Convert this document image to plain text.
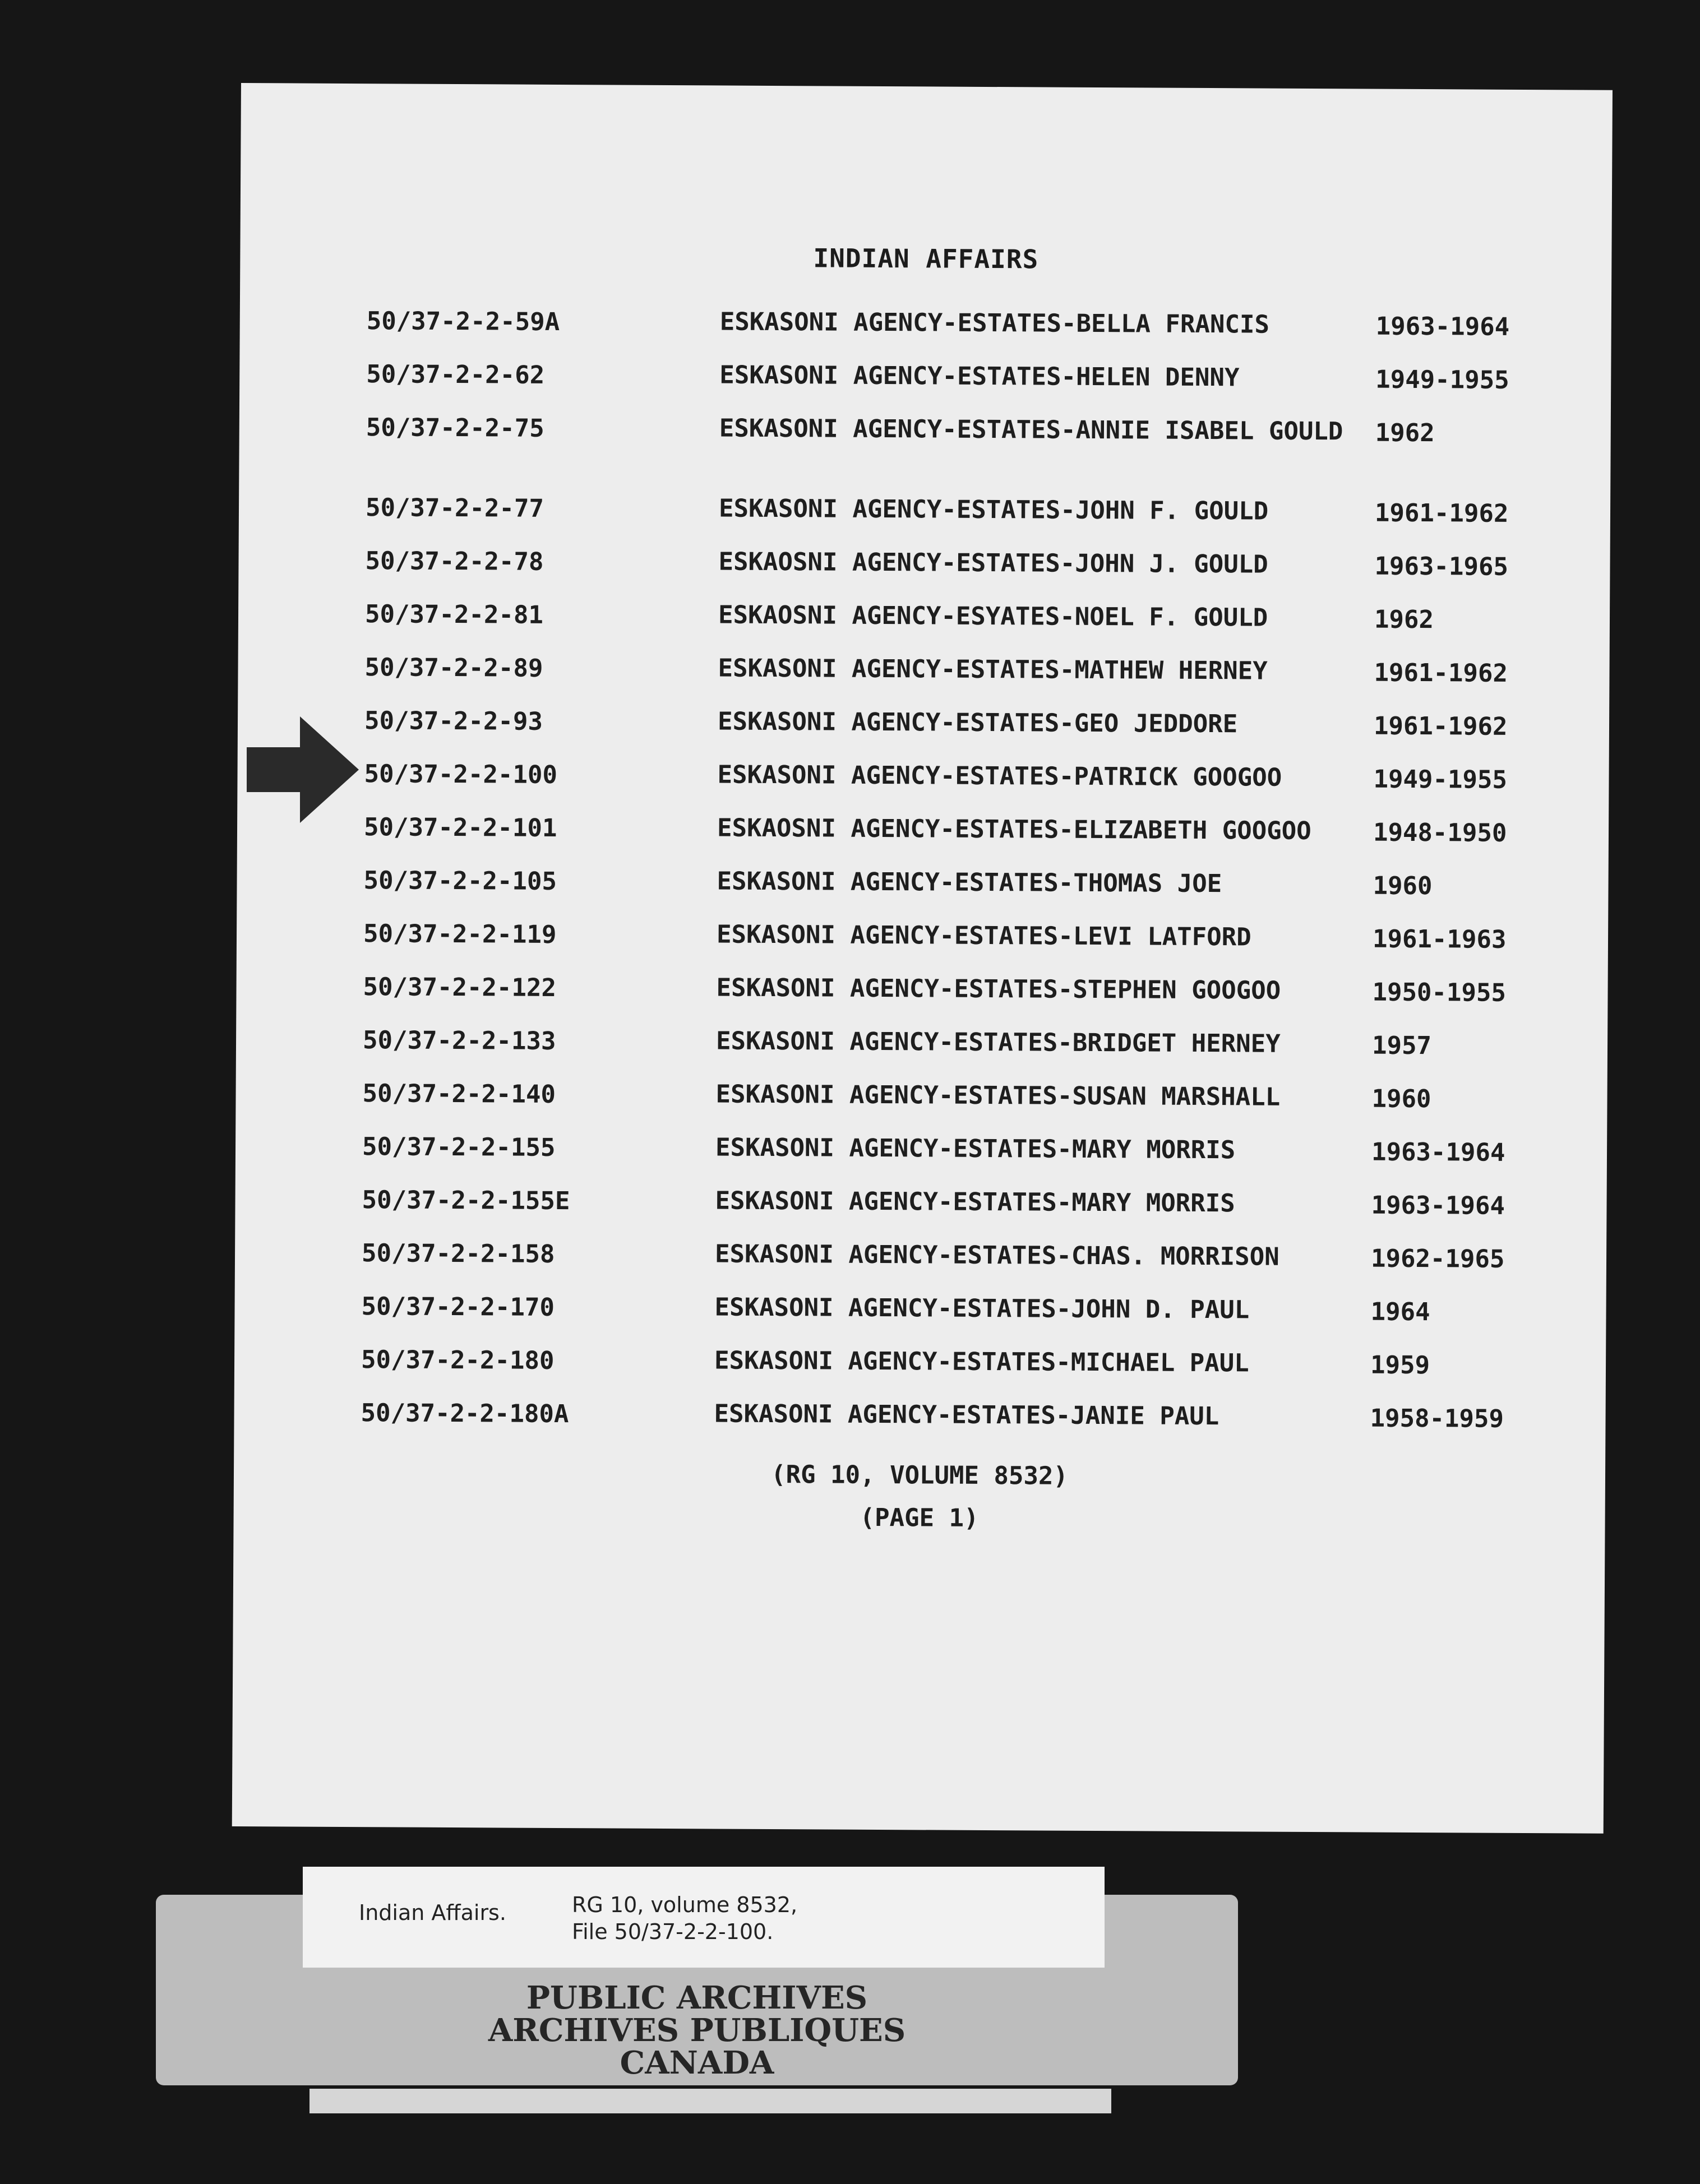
INDIAN AFFAIRS
50/37-2-2-59A	ESKASONI AGENCY-ESTATES-BELLA FRANCIS	1963-1964
50/37-2-2-62	ESKASONI AGENCY-ESTATES-HELEN DENNY	1949-1955
50/37-2-2-75	ESKASONI AGENCY-ESTATES-ANNIE ISABEL GOULD	1962
50/37-2-2-77	ESKASONI AGENCY-ESTATES-JOHN F. GOULD	1961-1962
50/37-2-2-78	ESKAOSNI AGENCY-ESTATES-JOHN J. GOULD	1963-1965
50/37-2-2-81	ESKAOSNI AGENCY-ESYATES-NOEL F. GOULD	1962
50/37-2-2-89	ESKASONI AGENCY-ESTATES-MATHEW HERNEY	1961-1962
50/37-2-2-93	ESKASONI AGENCY-ESTATES-GEO JEDDORE	1961-1962
50/37-2-2-100	ESKASONI AGENCY-ESTATES-PATRICK GOOGOO	1949-1955
50/37-2-2-101	ESKAOSNI AGENCY-ESTATES-ELIZABETH GOOGOO	1948-1950
50/37-2-2-105	ESKASONI AGENCY-ESTATES-THOMAS JOE	1960
50/37-2-2-119	ESKASONI AGENCY-ESTATES-LEVI LATFORD	1961-1963
50/37-2-2-122	ESKASONI AGENCY-ESTATES-STEPHEN GOOGOO	1950-1955
50/37-2-2-133	ESKASONI AGENCY-ESTATES-BRIDGET HERNEY	1957
50/37-2-2-140	ESKASONI AGENCY-ESTATES-SUSAN MARSHALL	1960
50/37-2-2-155	ESKASONI AGENCY-ESTATES-MARY MORRIS	1963-1964
50/37-2-2-155E	ESKASONI AGENCY-ESTATES-MARY MORRIS	1963-1964
50/37-2-2-158	ESKASONI AGENCY-ESTATES-CHAS. MORRISON	1962-1965
50/37-2-2-170	ESKASONI AGENCY-ESTATES-JOHN D. PAUL	1964
50/37-2-2-180	ESKASONI AGENCY-ESTATES-MICHAEL PAUL	1959
50/37-2-2-180A	ESKASONI AGENCY-ESTATES-JANIE PAUL	1958-1959
(RG 10, VOLUME 8532)
(PAGE 1)
Indian Affairs.	RG 10, volume 8532,
File 50/37-2-2-100.
PUBLIC ARCHIVES
ARCHIVES PUBLIQUES
CANADA
